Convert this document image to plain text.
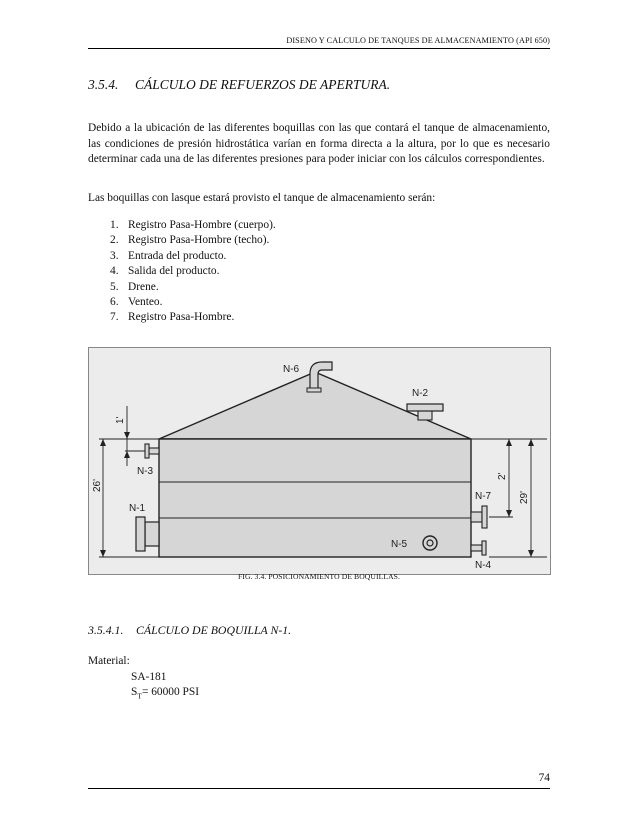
DISENO Y CALCULO DE TANQUES DE ALMACENAMIENTO (API 650)
3.5.4. CÁLCULO DE REFUERZOS DE APERTURA.
Debido a la ubicación de las diferentes boquillas con las que contará el tanque de almacenamiento, las condiciones de presión hidrostática varían en forma directa a la altura, por lo que es necesario determinar cada una de las diferentes presiones para poder iniciar con los cálculos correspondientes.
Las boquillas con lasque estará provisto el tanque de almacenamiento serán:
1. Registro Pasa-Hombre (cuerpo).
2. Registro Pasa-Hombre (techo).
3. Entrada del producto.
4. Salida del producto.
5. Drene.
6. Venteo.
7. Registro Pasa-Hombre.
N-6
N-2
N-3
N-1
N-5
N-7
N-4
1'
26'
2'
29'
FIG. 3.4. POSICIONAMIENTO DE BOQUILLAS.
3.5.4.1. CÁLCULO DE BOQUILLA N-1.
Material:
SA-181
$S_T= 60000$ PSI
74
